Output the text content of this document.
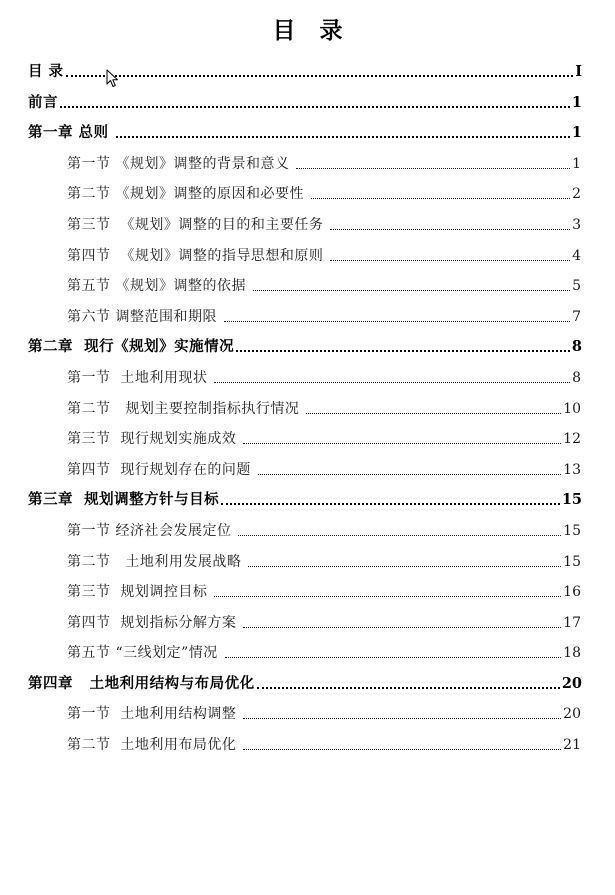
目 录
目 录	I
前言	1
第一章 总则	1
第一节 《规划》调整的背景和意义	1
第二节 《规划》调整的原因和必要性	2
第三节  《规划》调整的目的和主要任务	3
第四节  《规划》调整的指导思想和原则	4
第五节 《规划》调整的依据	5
第六节 调整范围和期限	7
第二章  现行《规划》实施情况	8
第一节  土地利用现状	8
第二节   规划主要控制指标执行情况	10
第三节  现行规划实施成效	12
第四节  现行规划存在的问题	13
第三章  规划调整方针与目标	15
第一节 经济社会发展定位	15
第二节   土地利用发展战略	15
第三节  规划调控目标	16
第四节  规划指标分解方案	17
第五节 “三线划定”情况	18
第四章   土地利用结构与布局优化	20
第一节  土地利用结构调整	20
第二节  土地利用布局优化	21
